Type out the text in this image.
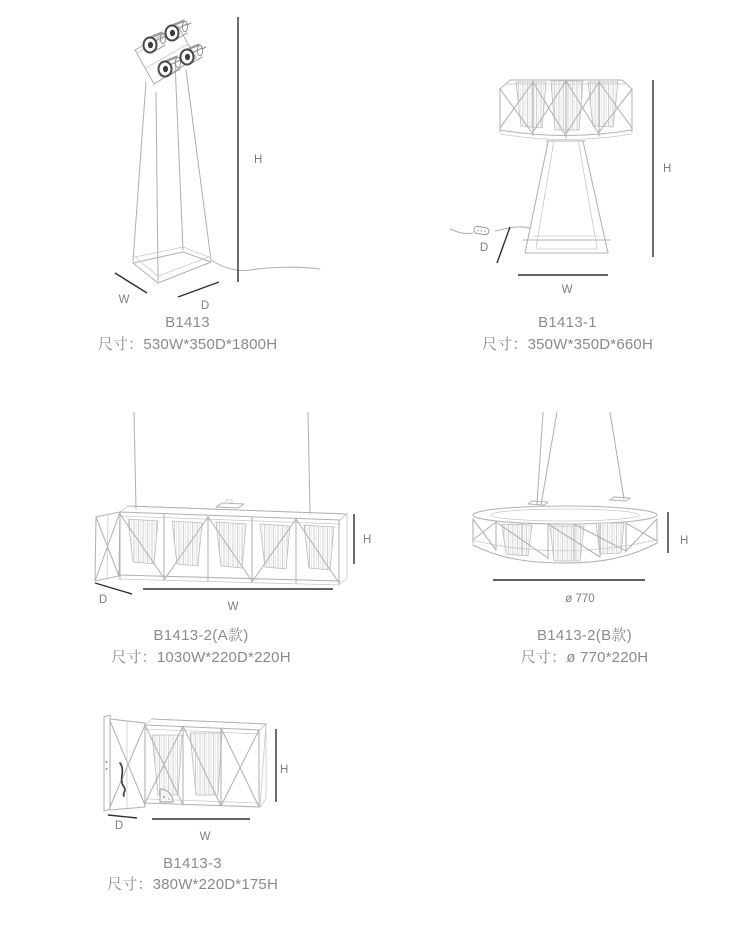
H
W	D
B1413
尺寸：530W*350D*1800H
H
W
D
B1413-1
尺寸：350W*350D*660H
H
W
D
B1413-2(A款)
尺寸：1030W*220D*220H
H
ø 770
B1413-2(B款)
尺寸：ø 770*220H
H
W
D
B1413-3
尺寸：380W*220D*175H
